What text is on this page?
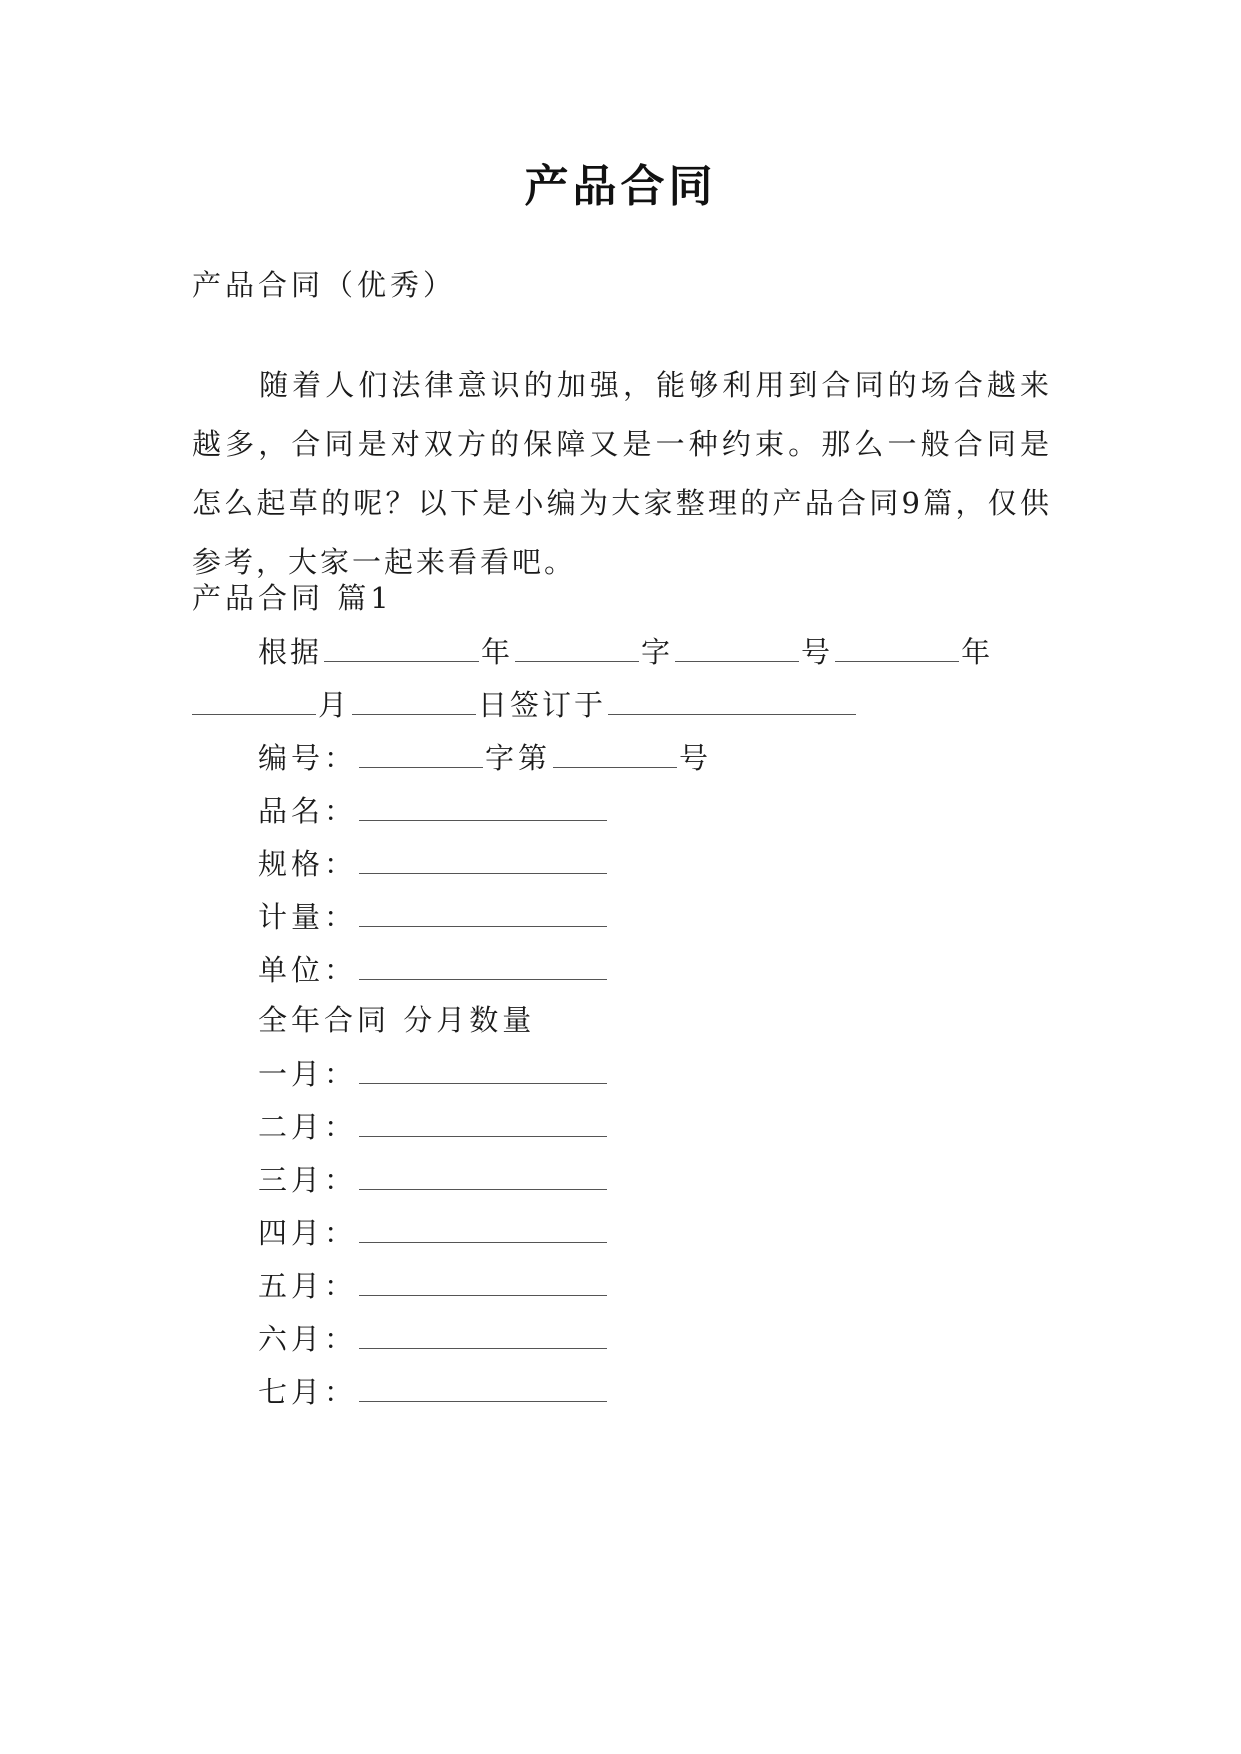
产品合同
产品合同（优秀）
随着人们法律意识的加强，能够利用到合同的场合越来越多，合同是对双方的保障又是一种约束。那么一般合同是怎么起草的呢？以下是小编为大家整理的产品合同9篇，仅供参考，大家一起来看看吧。
产品合同 篇1
根据	年	字	号	年
月	日签订于
编号：	字第	号
品名：
规格：
计量：
单位：
全年合同 分月数量
一月：
二月：
三月：
四月：
五月：
六月：
七月：
